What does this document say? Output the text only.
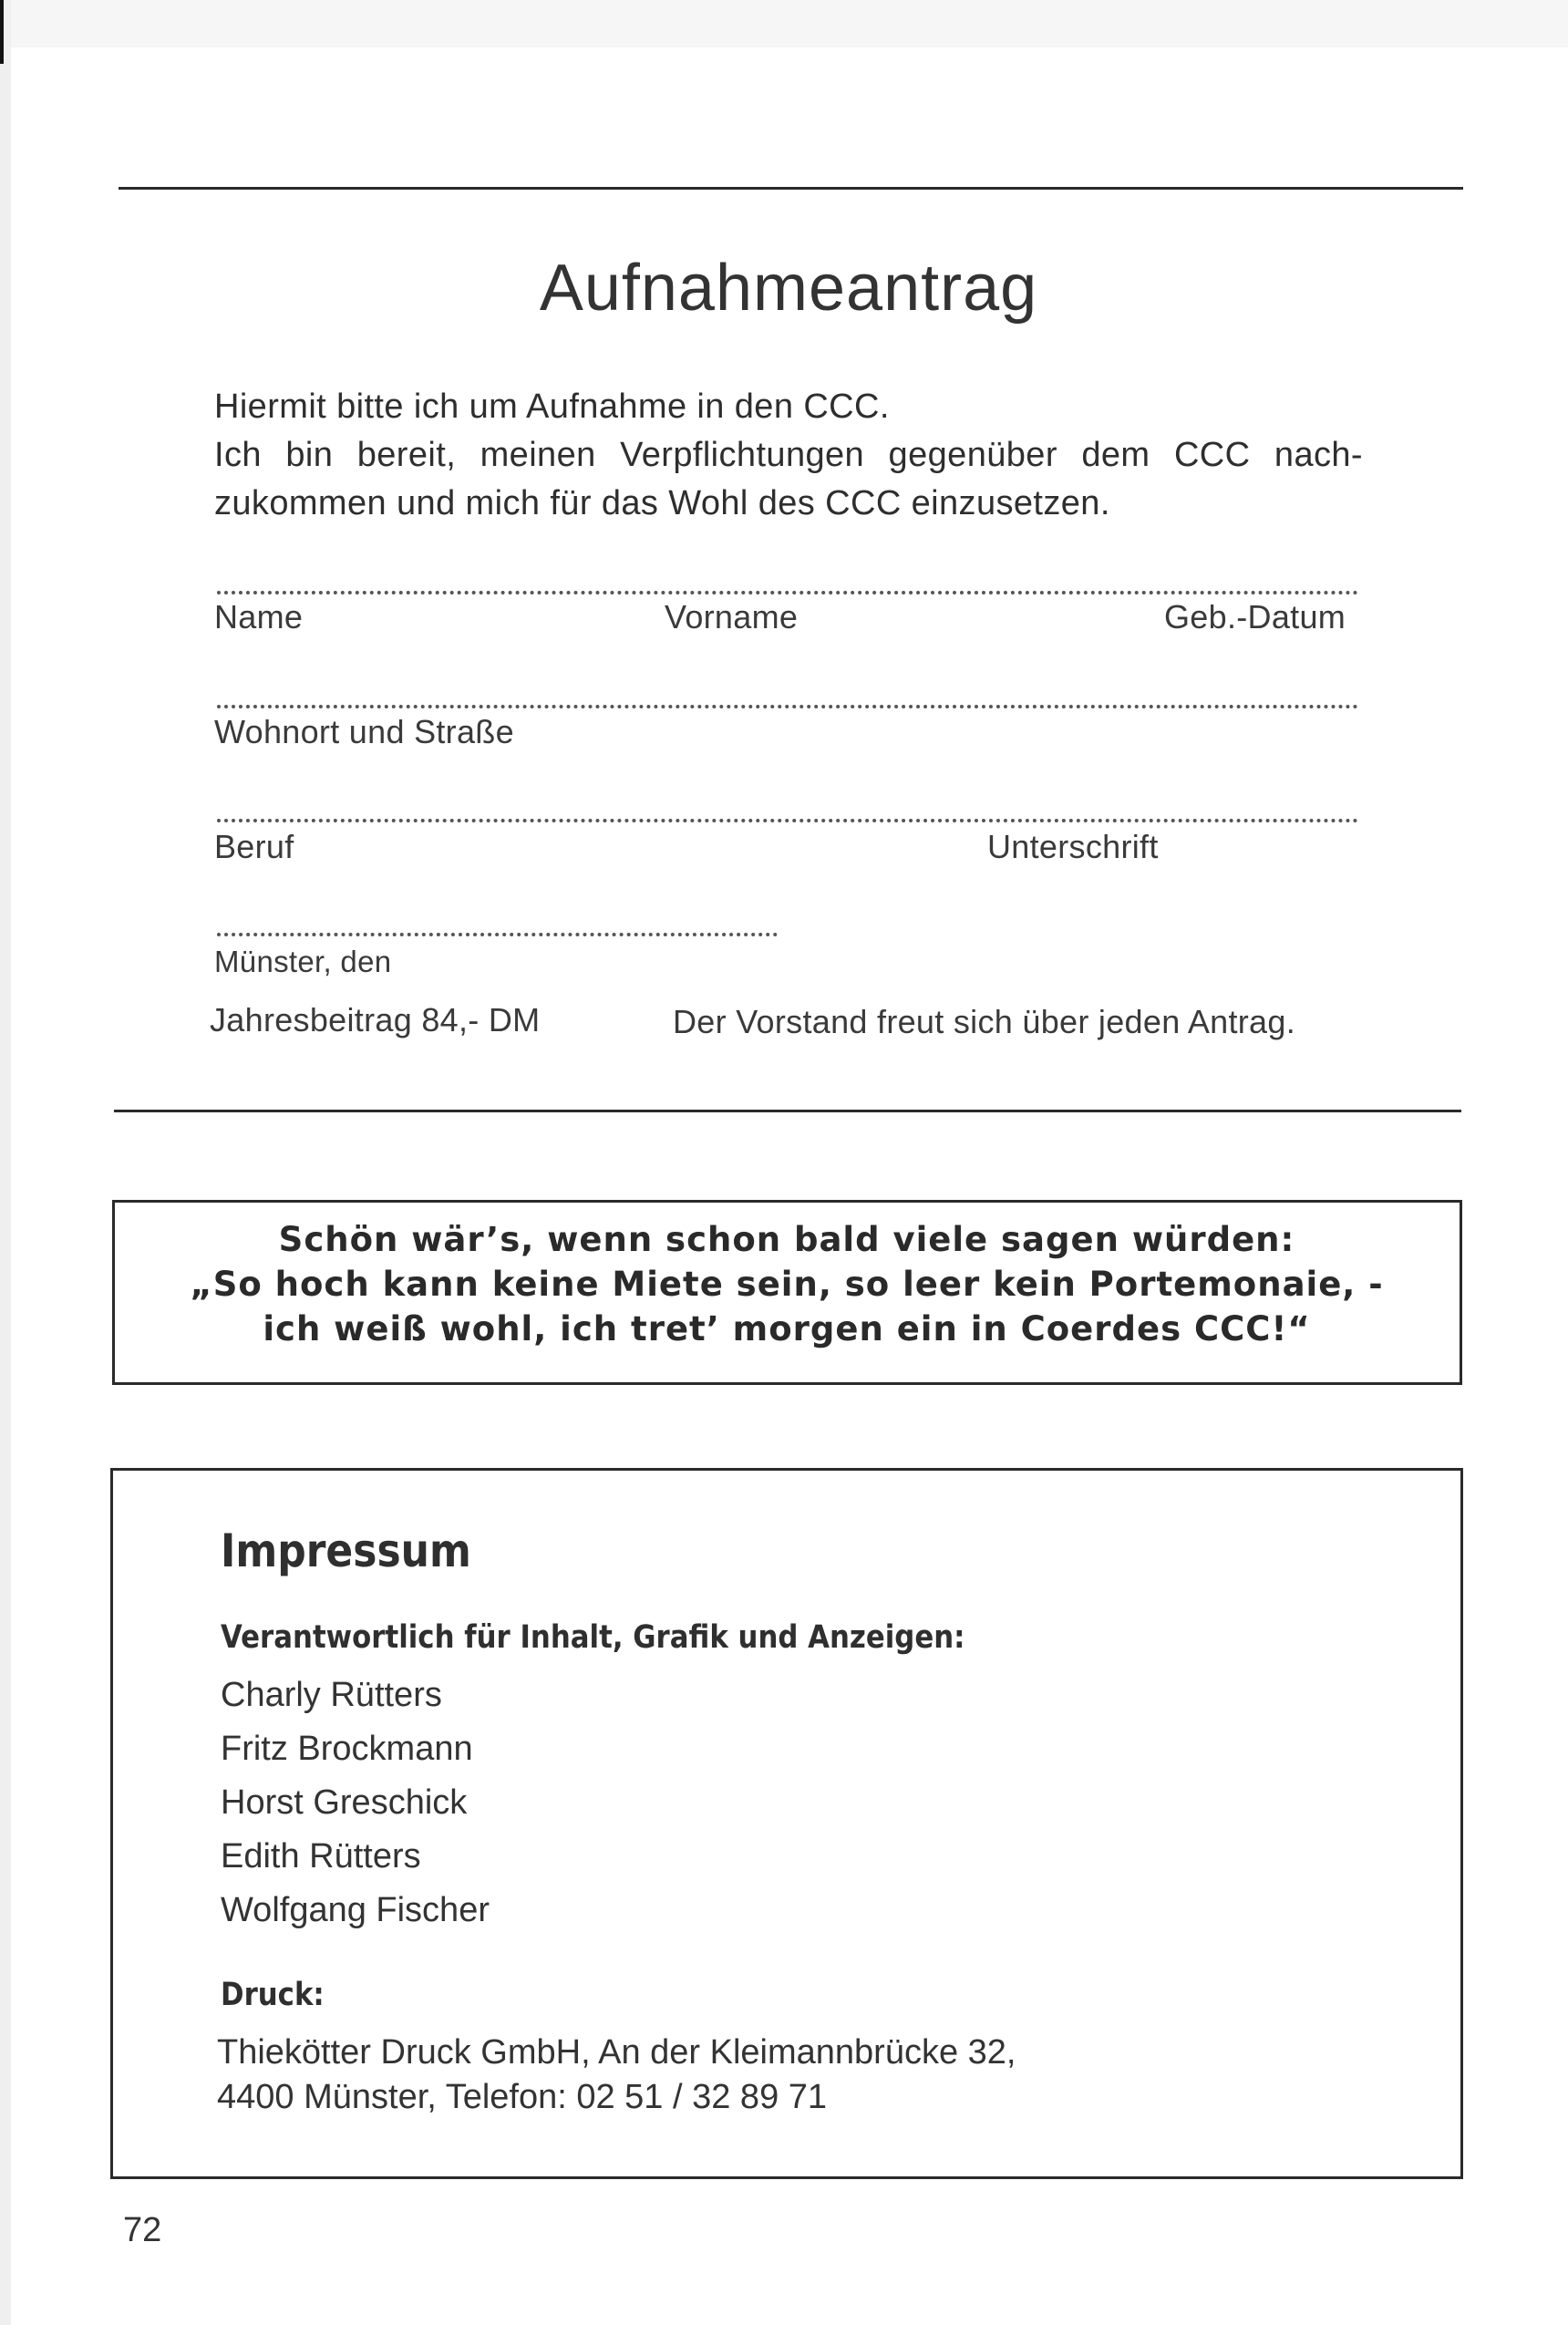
Aufnahmeantrag

Hiermit bitte ich um Aufnahme in den CCC.

Ich bin bereit, meinen Verpflichtungen gegenüber dem CCC nach-

zukommen und mich für das Wohl des CCC einzusetzen.

Name	Vorname	Geb.-Datum
Wohnort und Straße
Beruf	Unterschrift
Münster, den
Jahresbeitrag 84,- DM	Der Vorstand freut sich über jeden Antrag.
Schön wär’s, wenn schon bald viele sagen würden:
„So hoch kann keine Miete sein, so leer kein Portemonaie, -
ich weiß wohl, ich tret’ morgen ein in Coerdes CCC!“
Impressum
Verantwortlich für Inhalt, Grafik und Anzeigen:
Charly Rütters
Fritz Brockmann
Horst Greschick
Edith Rütters
Wolfgang Fischer
Druck:
Thiekötter Druck GmbH, An der Kleimannbrücke 32,
4400 Münster, Telefon: 02 51 / 32 89 71
72
